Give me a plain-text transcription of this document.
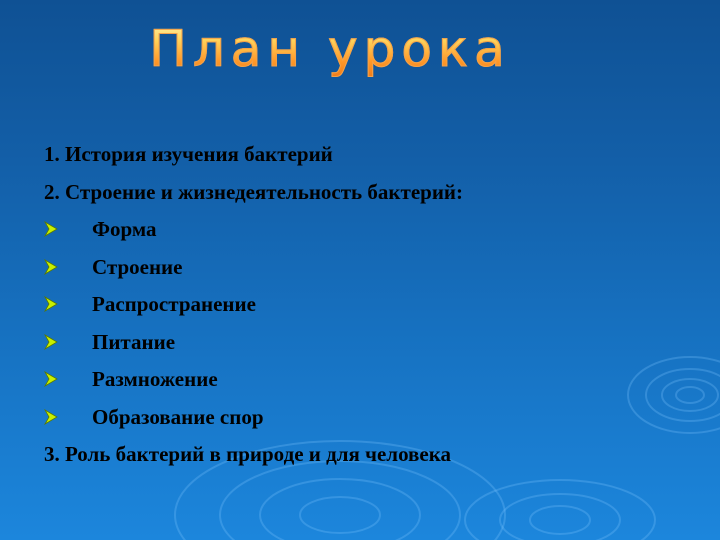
План урока
1. История изучения бактерий
2. Строение и жизнедеятельность бактерий:
Форма
Строение
Распространение
Питание
Размножение
Образование спор
3. Роль бактерий в природе и для человека
